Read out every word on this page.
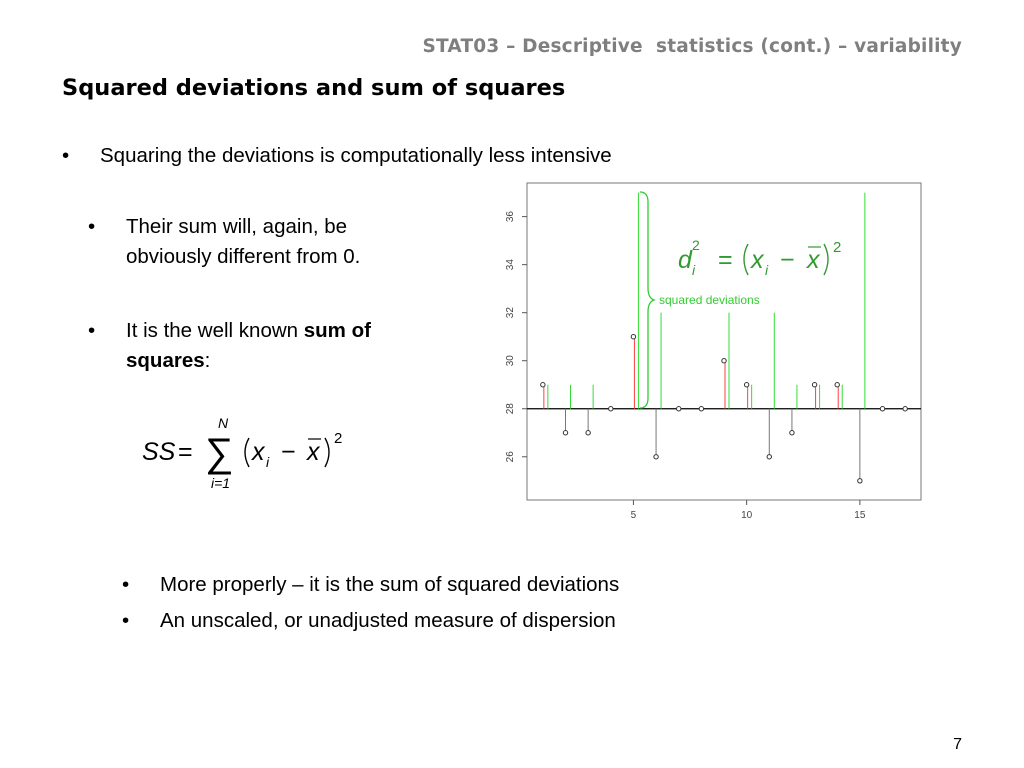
STAT03 – Descriptive  statistics (cont.) – variability
Squared deviations and sum of squares
• Squaring the deviations is computationally less intensive
• Their sum will, again, be
obviously different from 0.
• It is the well known sum of
squares:
SS =
N
∑
i=1
x i − x 2
26
28
30
32
34
36
5	10	15
d i
2
= x i − x 2
squared deviations
• More properly – it is the sum of squared deviations
• An unscaled, or unadjusted measure of dispersion
7
